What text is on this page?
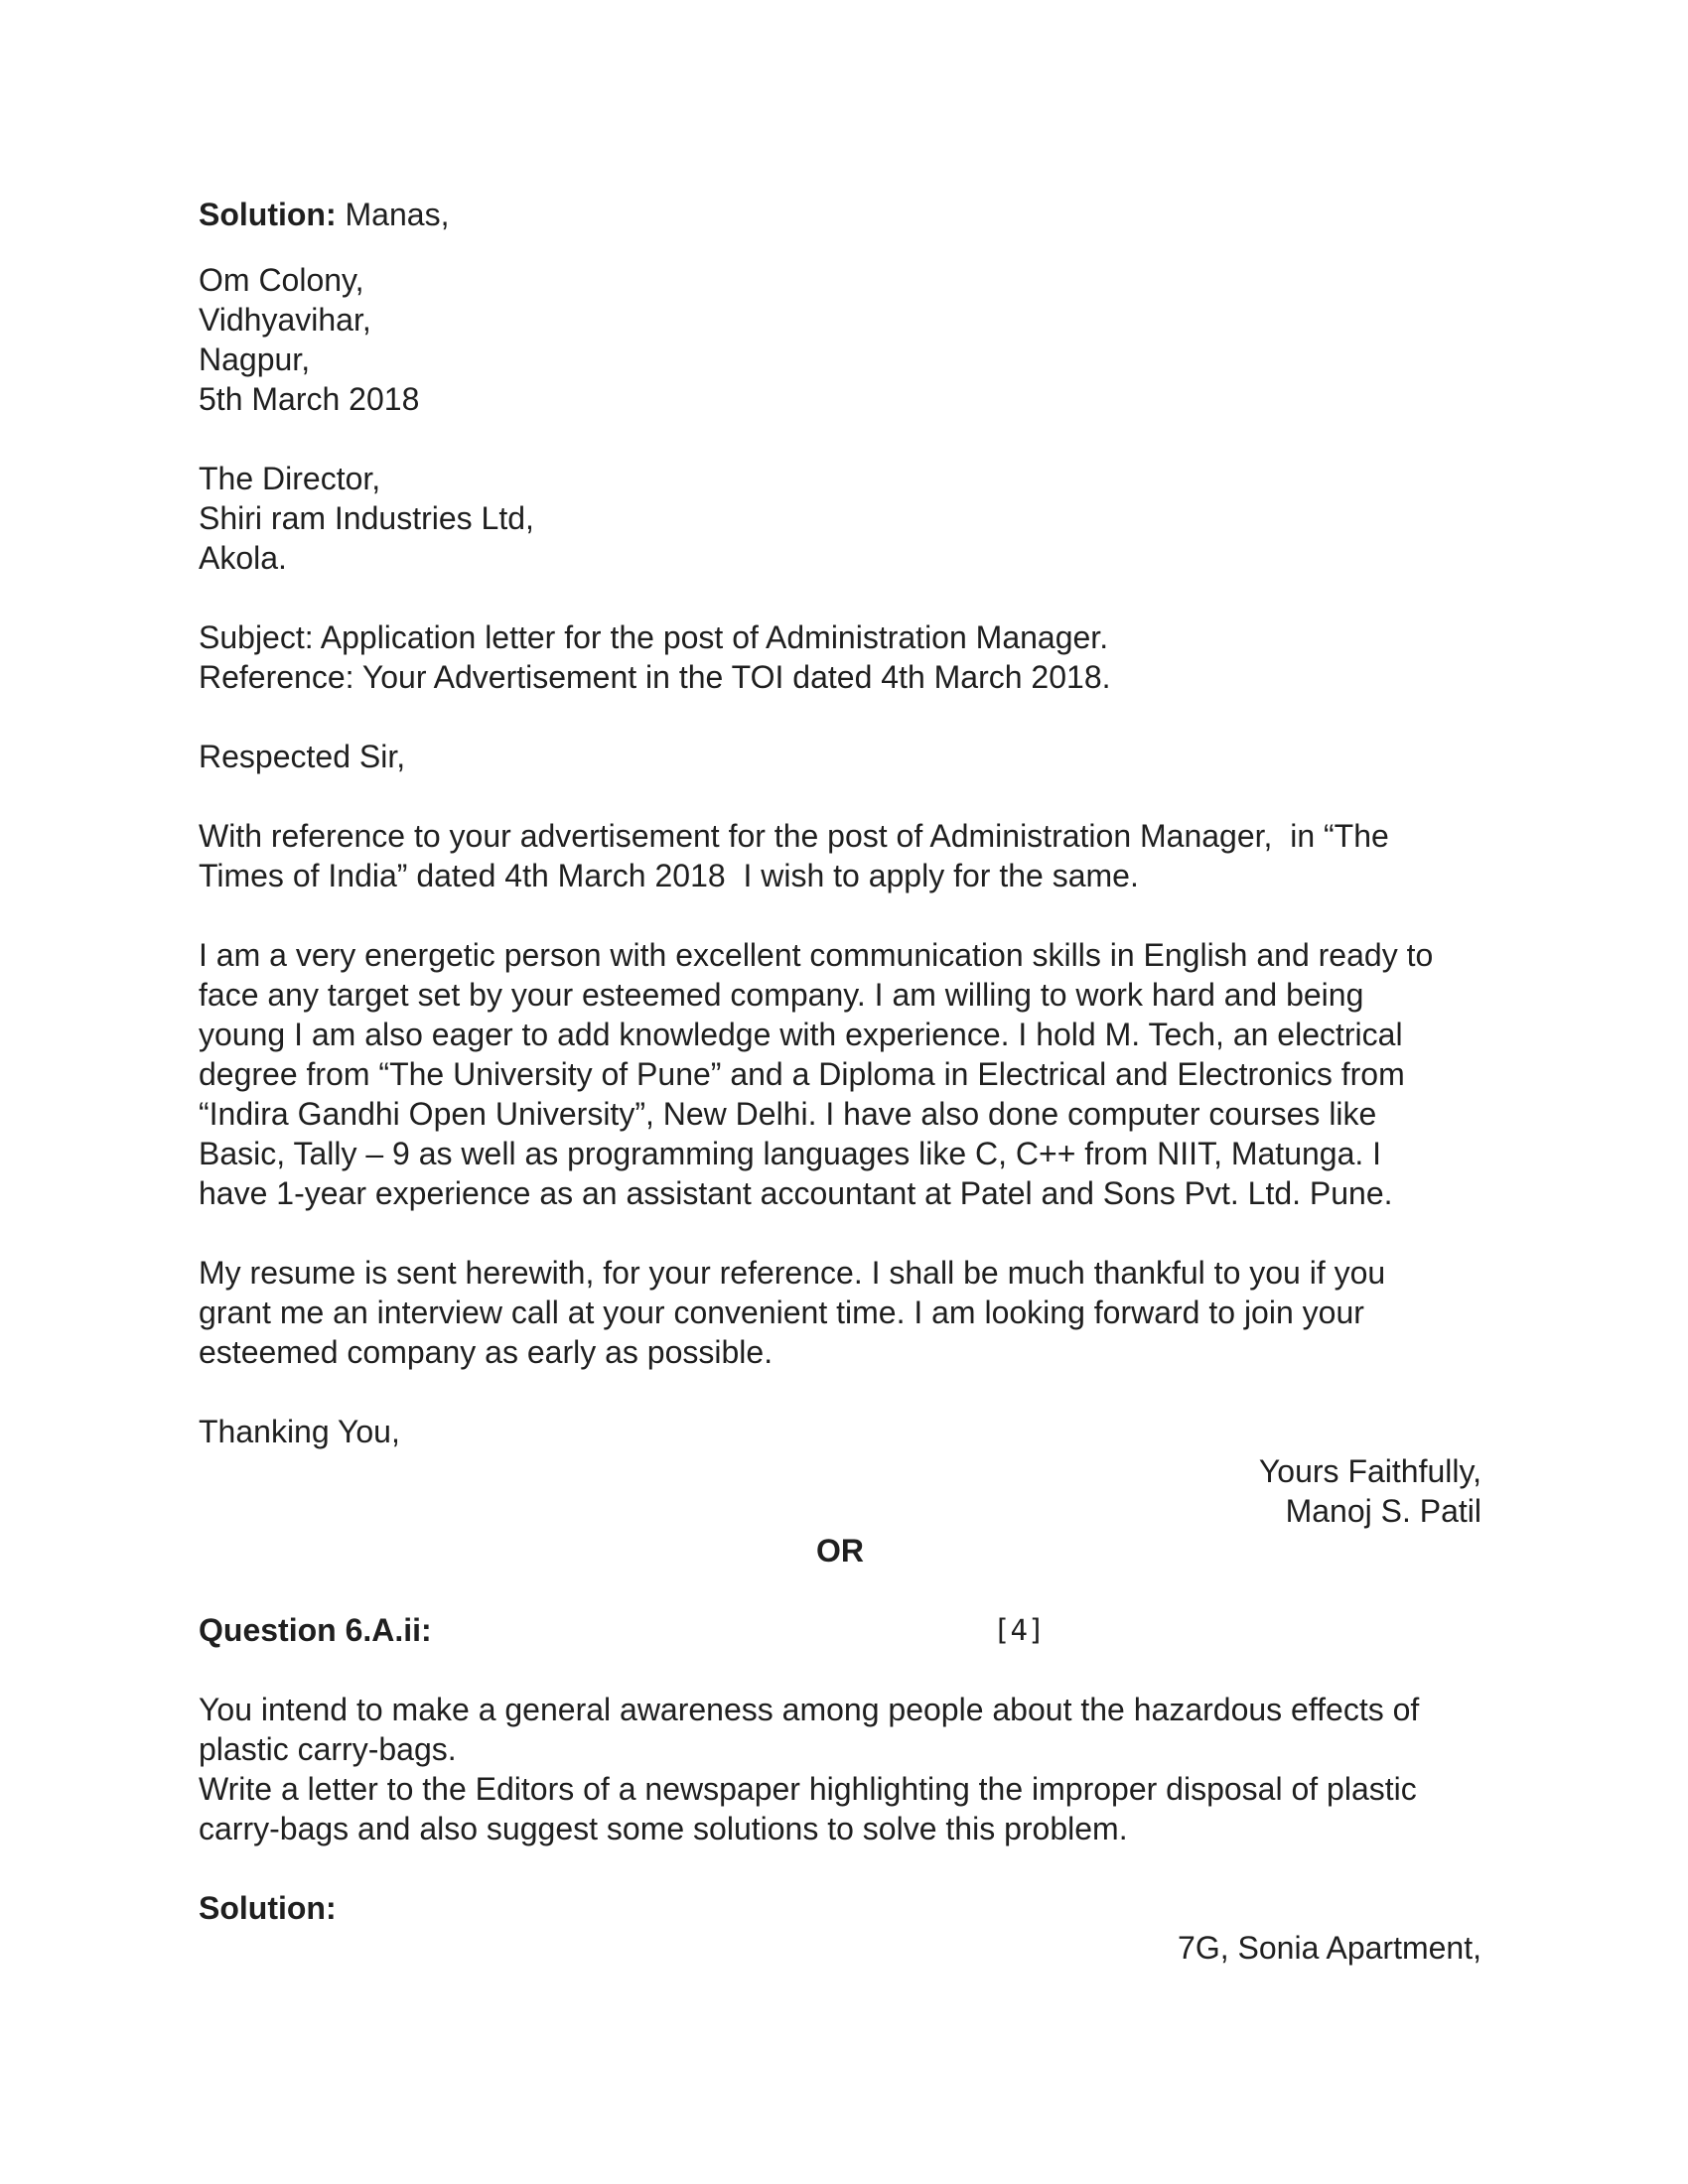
Solution: Manas,
Om Colony,
Vidhyavihar,
Nagpur,
5th March 2018
The Director,
Shiri ram Industries Ltd,
Akola.
Subject: Application letter for the post of Administration Manager.
Reference: Your Advertisement in the TOI dated 4th March 2018.
Respected Sir,
With reference to your advertisement for the post of Administration Manager,  in “The
Times of India” dated 4th March 2018  I wish to apply for the same.
I am a very energetic person with excellent communication skills in English and ready to
face any target set by your esteemed company. I am willing to work hard and being
young I am also eager to add knowledge with experience. I hold M. Tech, an electrical
degree from “The University of Pune” and a Diploma in Electrical and Electronics from
“Indira Gandhi Open University”, New Delhi. I have also done computer courses like
Basic, Tally – 9 as well as programming languages like C, C++ from NIIT, Matunga. I
have 1-year experience as an assistant accountant at Patel and Sons Pvt. Ltd. Pune.
My resume is sent herewith, for your reference. I shall be much thankful to you if you
grant me an interview call at your convenient time. I am looking forward to join your
esteemed company as early as possible.
Thanking You,
Yours Faithfully,
Manoj S. Patil
OR
Question 6.A.ii:	[4]
You intend to make a general awareness among people about the hazardous effects of
plastic carry-bags.
Write a letter to the Editors of a newspaper highlighting the improper disposal of plastic
carry-bags and also suggest some solutions to solve this problem.
Solution:
7G, Sonia Apartment,
